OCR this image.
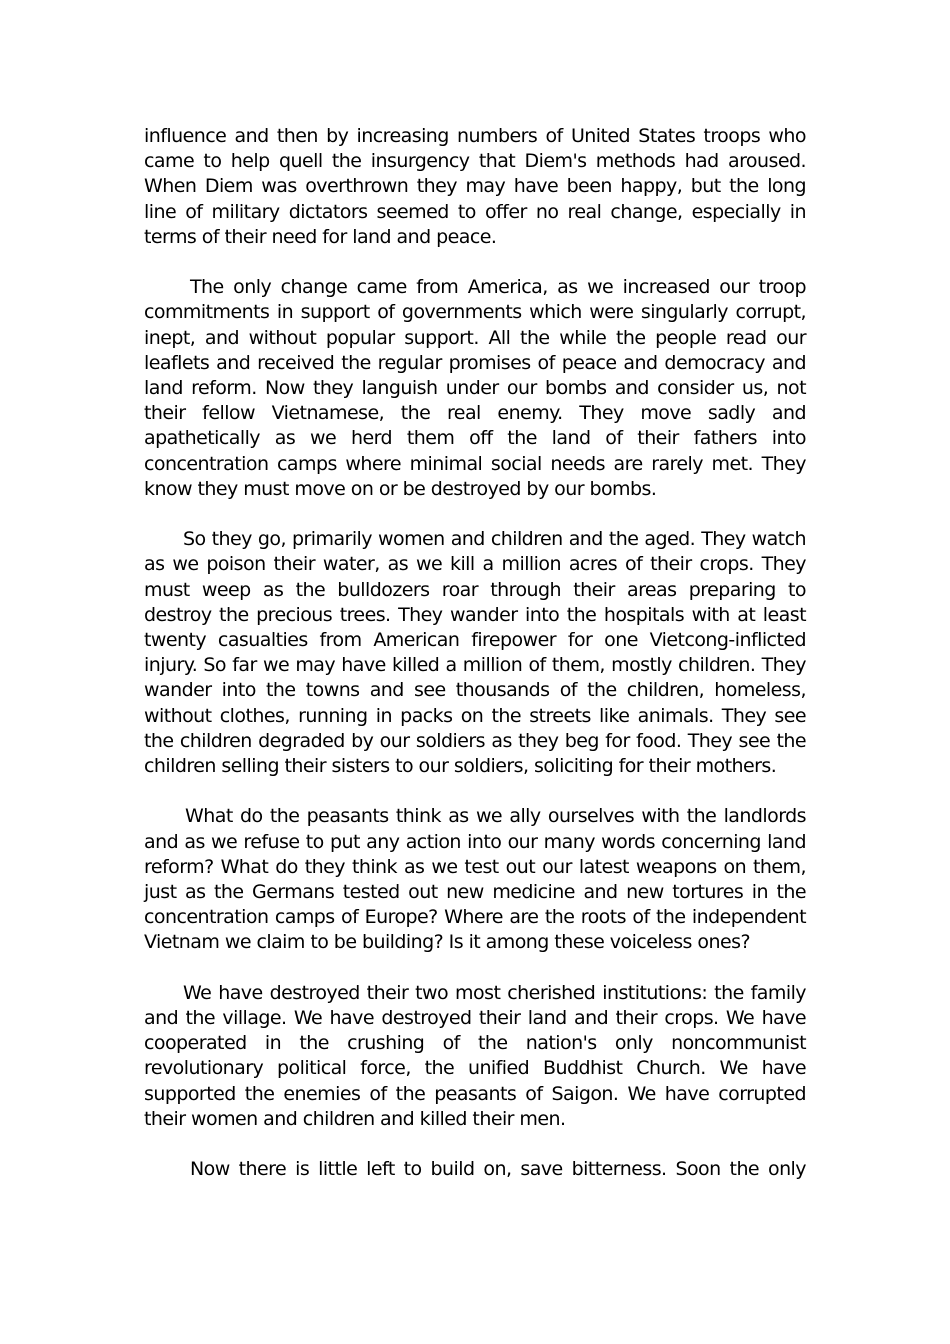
influence and then by increasing numbers of United States troops who came to help quell the insurgency that Diem's methods had aroused. When Diem was overthrown they may have been happy, but the long line of military dictators seemed to offer no real change, especially in terms of their need for land and peace.

The only change came from America, as we increased our troop commitments in support of governments which were singularly corrupt, inept, and without popular support. All the while the people read our leaflets and received the regular promises of peace and democracy and land reform. Now they languish under our bombs and consider us, not their fellow Vietnamese, the real enemy. They move sadly and apathetically as we herd them off the land of their fathers into concentration camps where minimal social needs are rarely met. They know they must move on or be destroyed by our bombs.

So they go, primarily women and children and the aged. They watch as we poison their water, as we kill a million acres of their crops. They must weep as the bulldozers roar through their areas preparing to destroy the precious trees. They wander into the hospitals with at least twenty casualties from American firepower for one Vietcong-inflicted injury. So far we may have killed a million of them, mostly children. They wander into the towns and see thousands of the children, homeless, without clothes, running in packs on the streets like animals. They see the children degraded by our soldiers as they beg for food. They see the children selling their sisters to our soldiers, soliciting for their mothers.

What do the peasants think as we ally ourselves with the landlords and as we refuse to put any action into our many words concerning land reform? What do they think as we test out our latest weapons on them, just as the Germans tested out new medicine and new tortures in the concentration camps of Europe? Where are the roots of the independent Vietnam we claim to be building? Is it among these voiceless ones?

We have destroyed their two most cherished institutions: the family and the village. We have destroyed their land and their crops. We have cooperated in the crushing of the nation's only noncommunist revolutionary political force, the unified Buddhist Church. We have supported the enemies of the peasants of Saigon. We have corrupted their women and children and killed their men.

Now there is little left to build on, save bitterness. Soon the only
